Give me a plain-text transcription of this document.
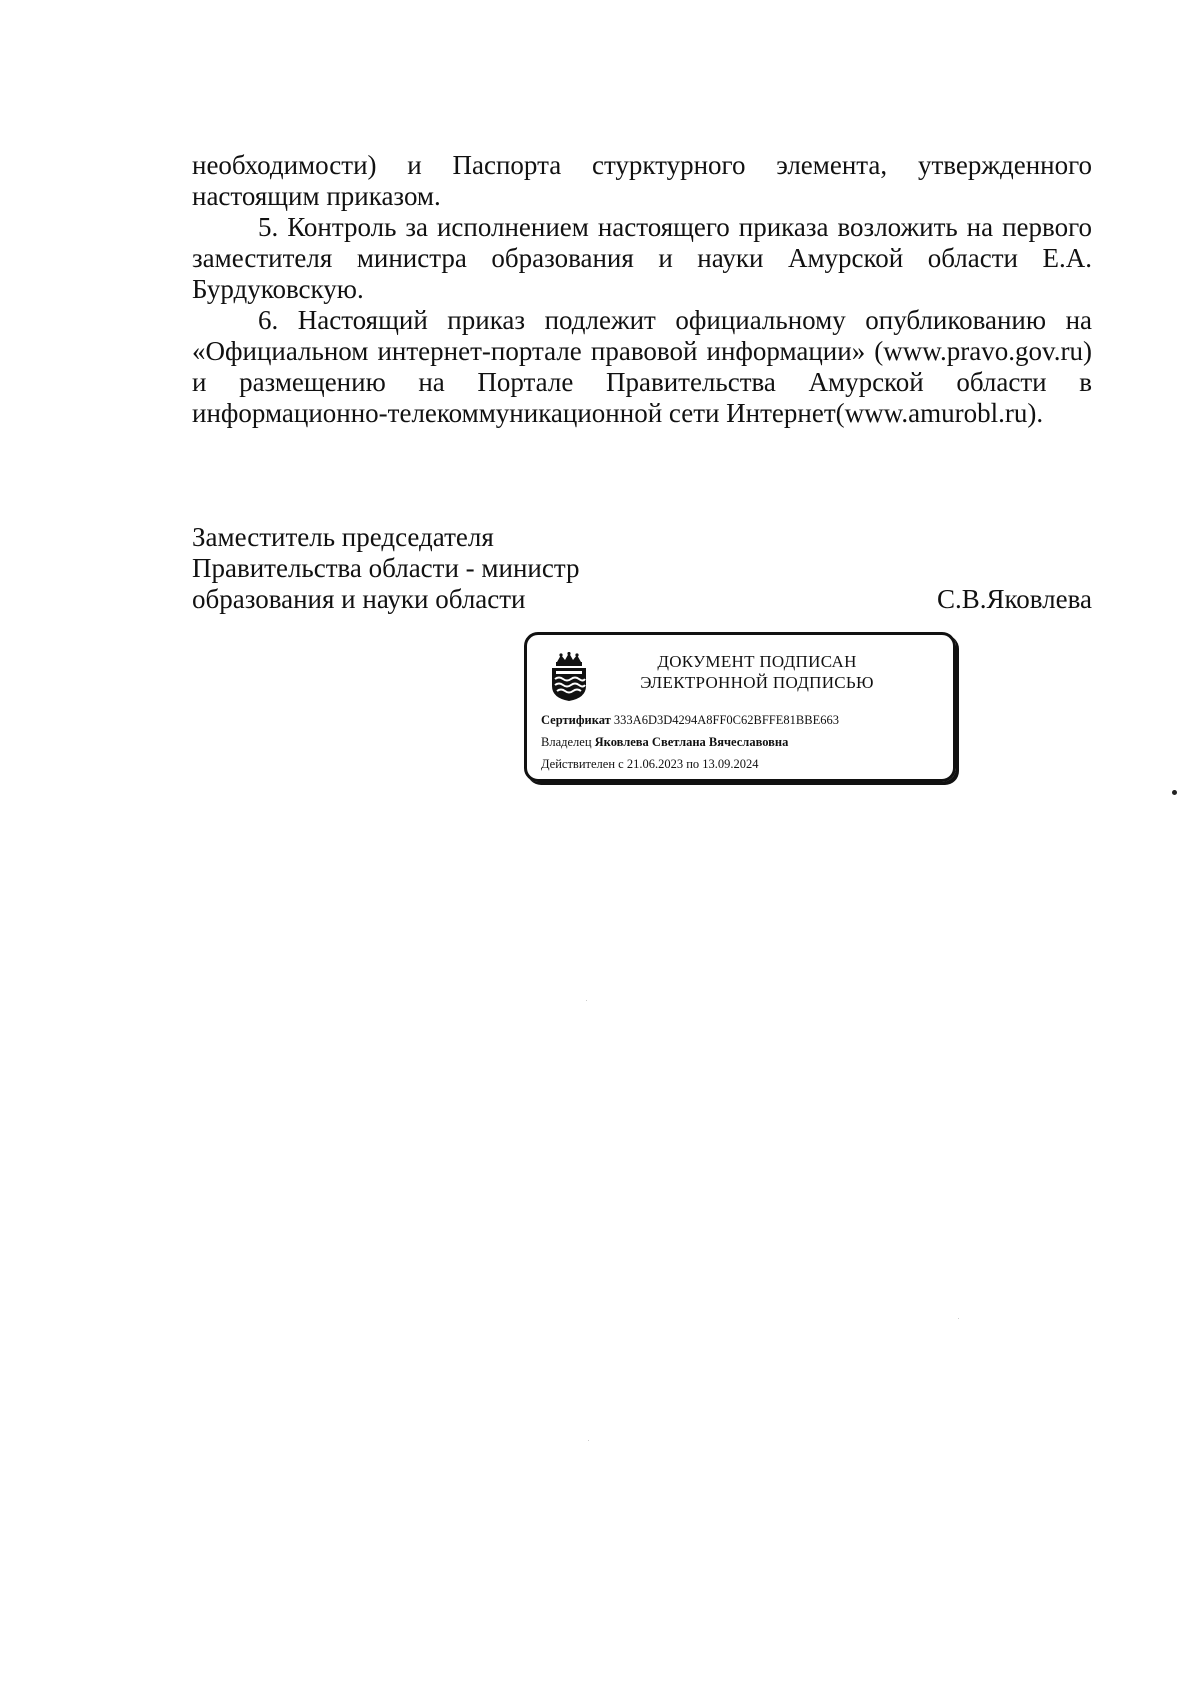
необходимости) и Паспорта стурктурного элемента, утвержденного настоящим приказом.

5. Контроль за исполнением настоящего приказа возложить на первого заместителя министра образования и науки Амурской области Е.А. Бурдуковскую.

6. Настоящий приказ подлежит официальному опубликованию на «Официальном интернет-портале правовой информации» (www.pravo.gov.ru) и размещению на Портале Правительства Амурской области в информационно-телекоммуникационной сети Интернет(www.amurobl.ru).

Заместитель председателя
Правительства области - министр
образования и науки области	С.В.Яковлева
ДОКУМЕНТ ПОДПИСАН
ЭЛЕКТРОННОЙ ПОДПИСЬЮ
Сертификат 333A6D3D4294A8FF0C62BFFE81BBE663
Владелец Яковлева Светлана Вячеславовна
Действителен с 21.06.2023 по 13.09.2024
